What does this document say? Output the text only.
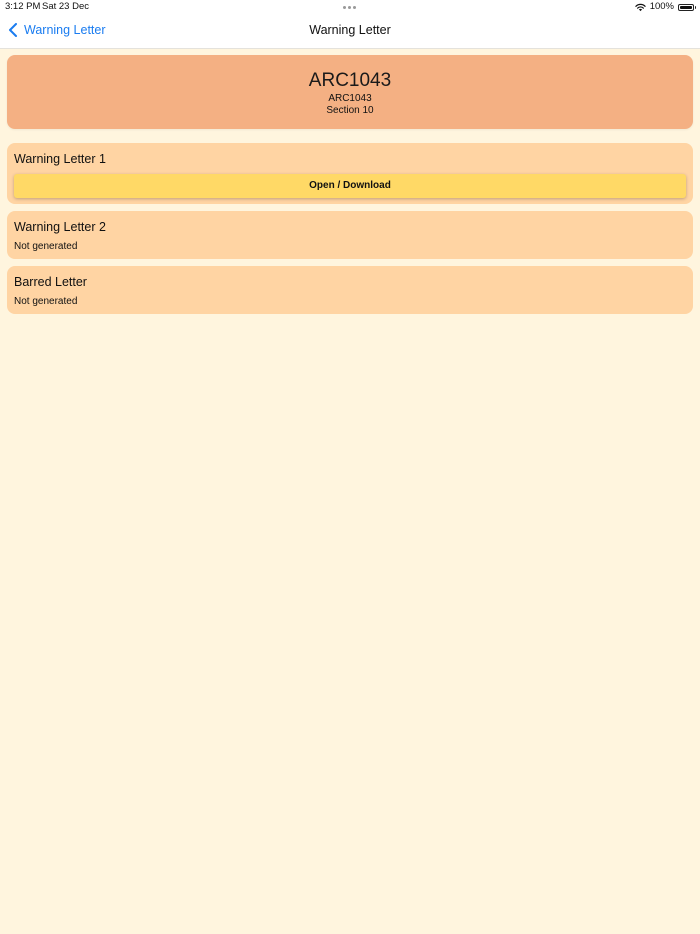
3:12 PM Sat 23 Dec	100%
Warning Letter	Warning Letter
ARC1043
ARC1043
Section 10
Warning Letter 1
Open / Download
Warning Letter 2
Not generated
Barred Letter
Not generated
